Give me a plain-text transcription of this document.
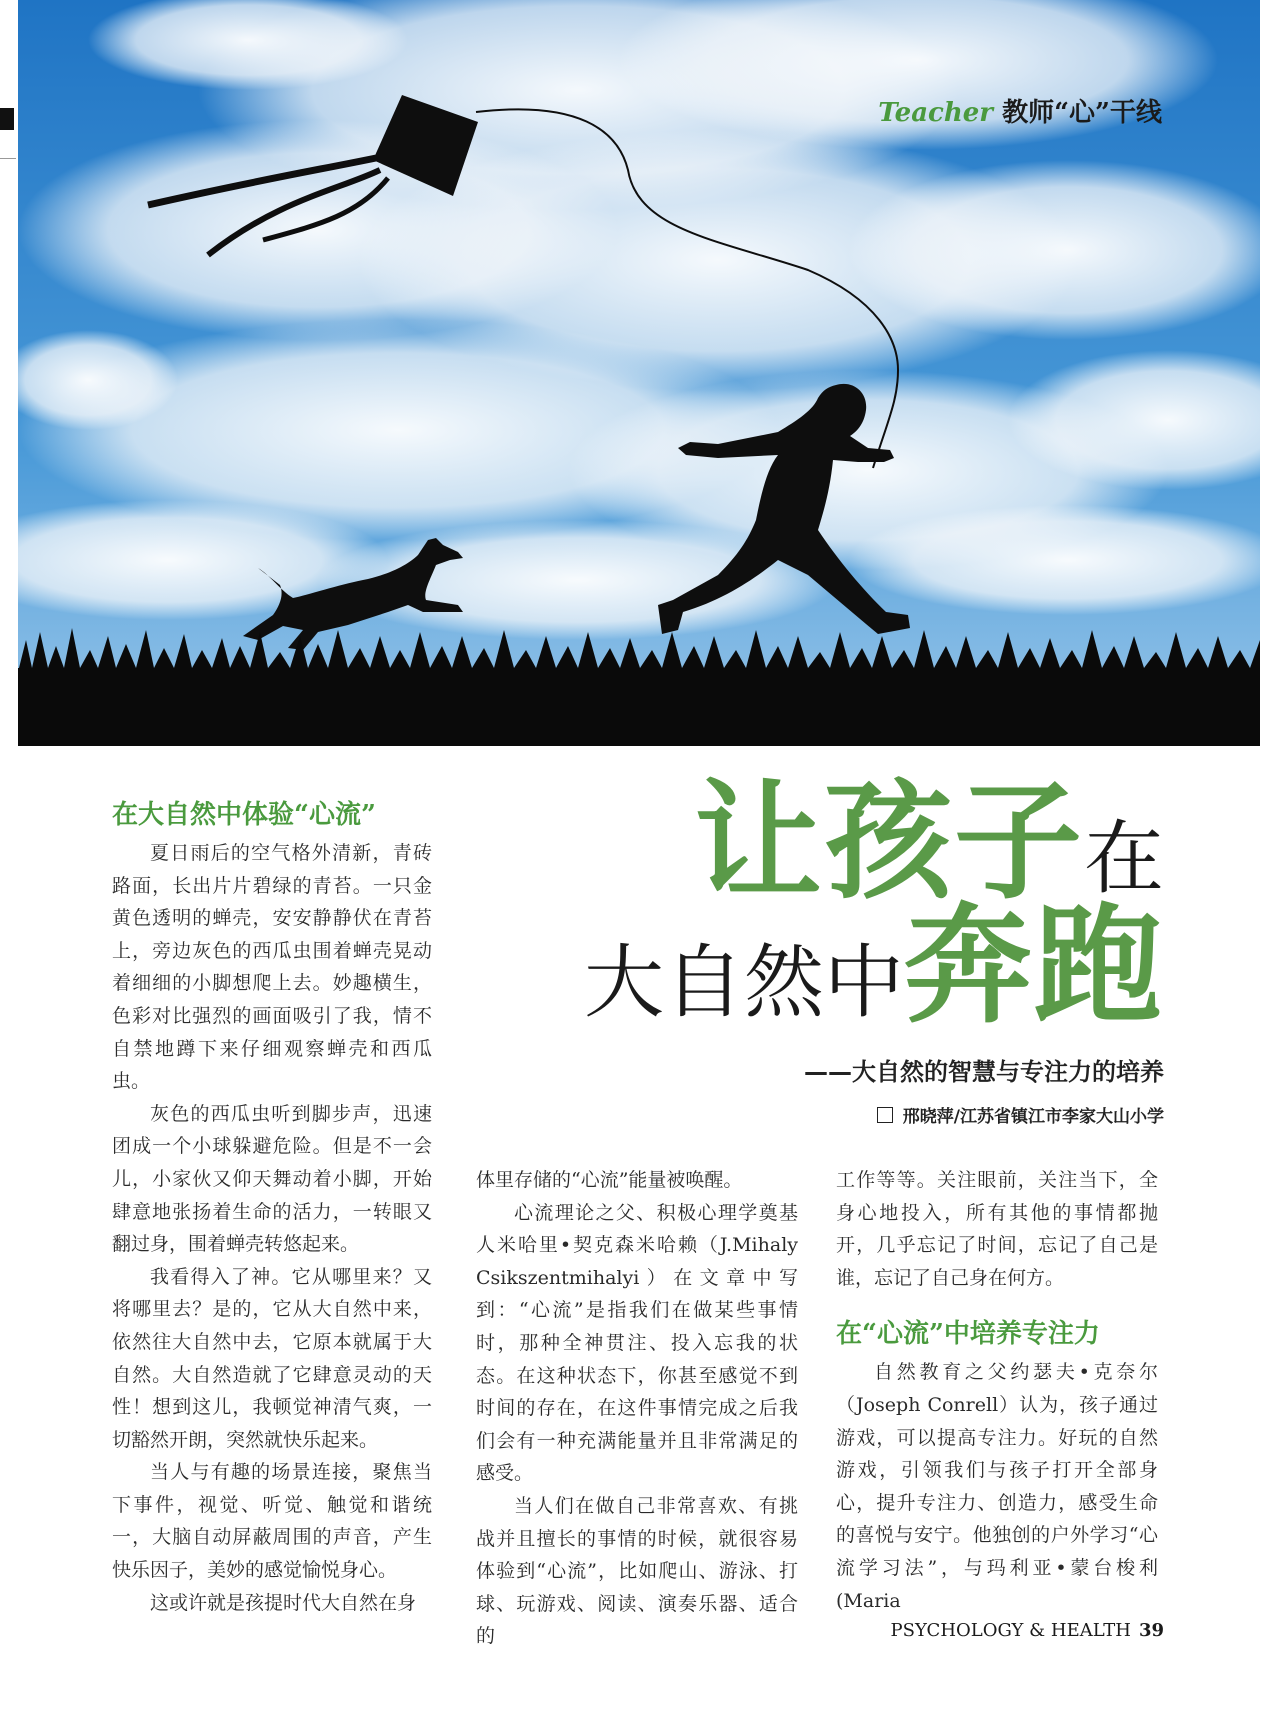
Teacher 教师“心”干线
让孩子在
大自然中奔跑
——大自然的智慧与专注力的培养
邢晓萍/江苏省镇江市李家大山小学
在大自然中体验“心流”

夏日雨后的空气格外清新，青砖路面，长出片片碧绿的青苔。一只金黄色透明的蝉壳，安安静静伏在青苔上，旁边灰色的西瓜虫围着蝉壳晃动着细细的小脚想爬上去。妙趣横生，色彩对比强烈的画面吸引了我，情不自禁地蹲下来仔细观察蝉壳和西瓜虫。

灰色的西瓜虫听到脚步声，迅速团成一个小球躲避危险。但是不一会儿，小家伙又仰天舞动着小脚，开始肆意地张扬着生命的活力，一转眼又翻过身，围着蝉壳转悠起来。

我看得入了神。它从哪里来？又将哪里去？是的，它从大自然中来，依然往大自然中去，它原本就属于大自然。大自然造就了它肆意灵动的天性！想到这儿，我顿觉神清气爽，一切豁然开朗，突然就快乐起来。

当人与有趣的场景连接，聚焦当下事件，视觉、听觉、触觉和谐统一，大脑自动屏蔽周围的声音，产生快乐因子，美妙的感觉愉悦身心。

这或许就是孩提时代大自然在身

体里存储的“心流”能量被唤醒。

心流理论之父、积极心理学奠基人米哈里•契克森米哈赖（J.Mihaly Csikszentmihalyi）在文章中写到：“心流”是指我们在做某些事情时，那种全神贯注、投入忘我的状态。在这种状态下，你甚至感觉不到时间的存在，在这件事情完成之后我们会有一种充满能量并且非常满足的感受。

当人们在做自己非常喜欢、有挑战并且擅长的事情的时候，就很容易体验到“心流”，比如爬山、游泳、打球、玩游戏、阅读、演奏乐器、适合的

工作等等。关注眼前，关注当下，全身心地投入，所有其他的事情都抛开，几乎忘记了时间，忘记了自己是谁，忘记了自己身在何方。

在“心流”中培养专注力

自然教育之父约瑟夫•克奈尔（Joseph Conrell）认为，孩子通过游戏，可以提高专注力。好玩的自然游戏，引领我们与孩子打开全部身心，提升专注力、创造力，感受生命的喜悦与安宁。他独创的户外学习“心流学习法”，与玛利亚•蒙台梭利(Maria

PSYCHOLOGY & HEALTH 39
